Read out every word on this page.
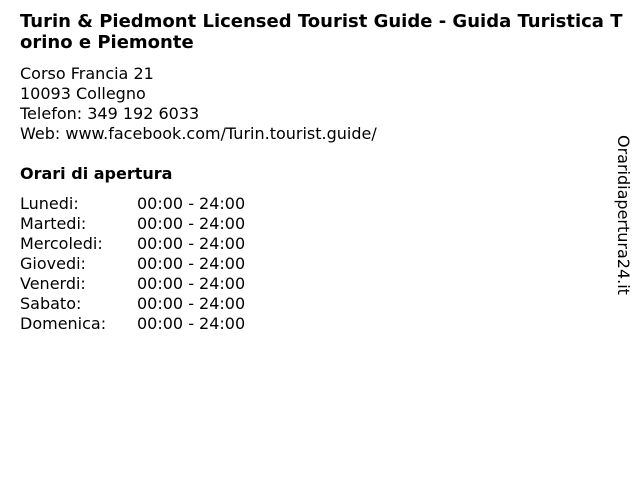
Turin & Piedmont Licensed Tourist Guide - Guida Turistica Torino e Piemonte
Corso Francia 21
10093 Collegno
Telefon: 349 192 6033
Web: www.facebook.com/Turin.tourist.guide/
Orari di apertura
Lunedi:	00:00 - 24:00
Martedi:	00:00 - 24:00
Mercoledi: 00:00 - 24:00
Giovedi:	00:00 - 24:00
Venerdi:	00:00 - 24:00
Sabato:	00:00 - 24:00
Domenica: 00:00 - 24:00
Oraridiapertura24.it
